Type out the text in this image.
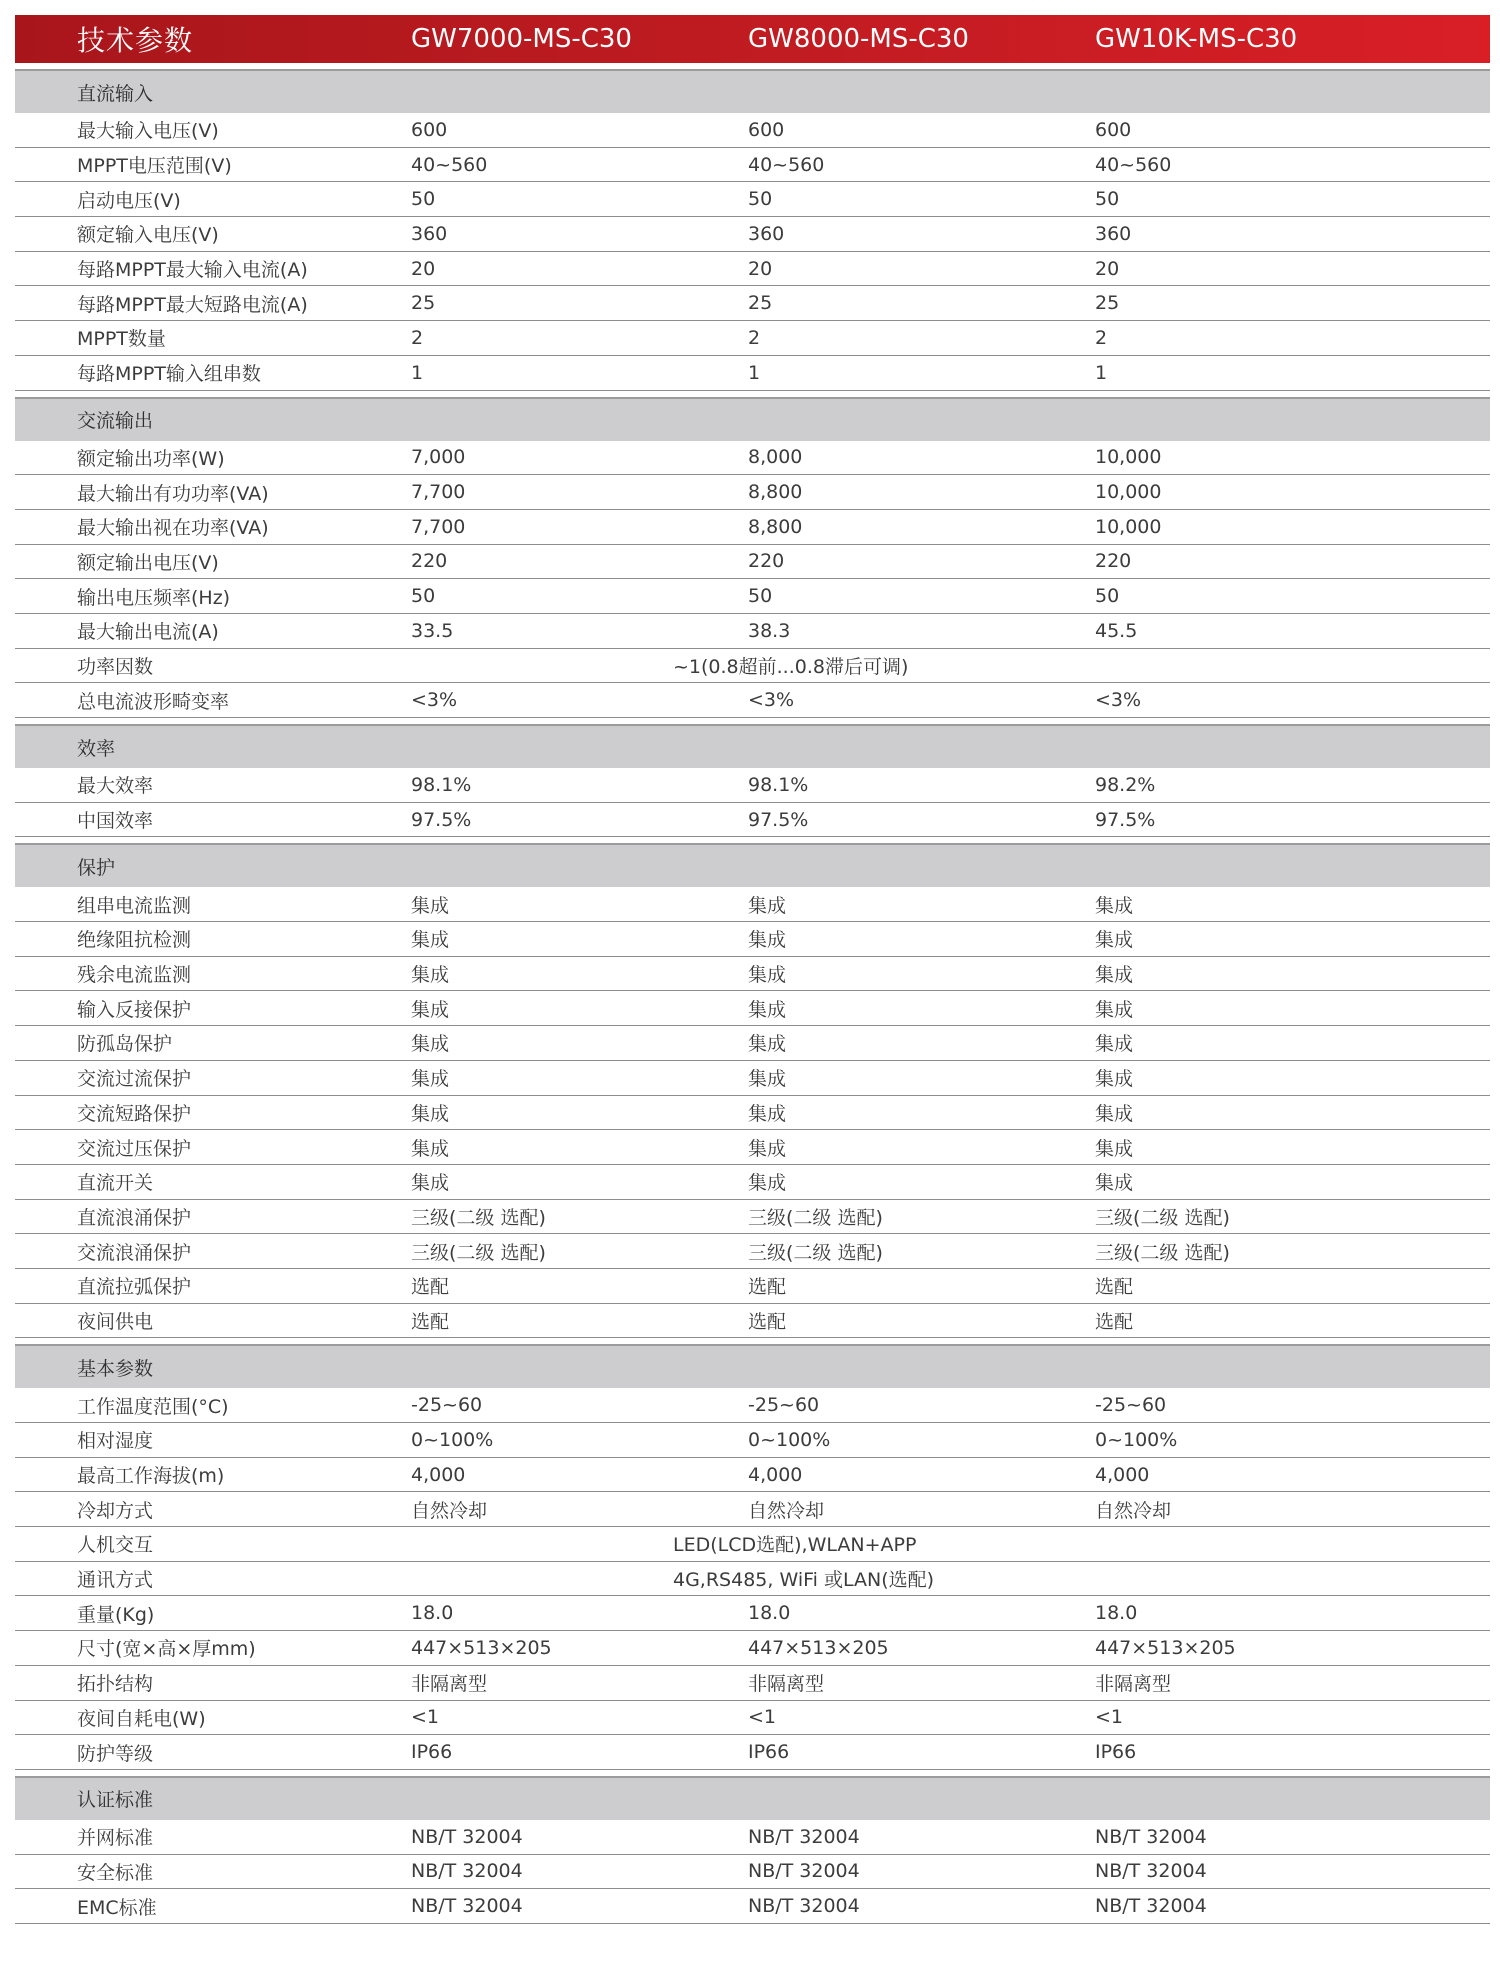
技术参数	GW7000-MS-C30	GW8000-MS-C30	GW10K-MS-C30
直流输入
最大输入电压(V)	600	600	600
MPPT电压范围(V)	40~560	40~560	40~560
启动电压(V)	50	50	50
额定输入电压(V)	360	360	360
每路MPPT最大输入电流(A)	20	20	20
每路MPPT最大短路电流(A)	25	25	25
MPPT数量	2	2	2
每路MPPT输入组串数	1	1	1
交流输出
额定输出功率(W)	7,000	8,000	10,000
最大输出有功功率(VA)	7,700	8,800	10,000
最大输出视在功率(VA)	7,700	8,800	10,000
额定输出电压(V)	220	220	220
输出电压频率(Hz)	50	50	50
最大输出电流(A)	33.5	38.3	45.5
功率因数	~1(0.8超前...0.8滞后可调)
总电流波形畸变率	<3%	<3%	<3%
效率
最大效率	98.1%	98.1%	98.2%
中国效率	97.5%	97.5%	97.5%
保护
组串电流监测	集成	集成	集成
绝缘阻抗检测	集成	集成	集成
残余电流监测	集成	集成	集成
输入反接保护	集成	集成	集成
防孤岛保护	集成	集成	集成
交流过流保护	集成	集成	集成
交流短路保护	集成	集成	集成
交流过压保护	集成	集成	集成
直流开关	集成	集成	集成
直流浪涌保护	三级(二级 选配)	三级(二级 选配)	三级(二级 选配)
交流浪涌保护	三级(二级 选配)	三级(二级 选配)	三级(二级 选配)
直流拉弧保护	选配	选配	选配
夜间供电	选配	选配	选配
基本参数
工作温度范围(°C)	-25~60	-25~60	-25~60
相对湿度	0~100%	0~100%	0~100%
最高工作海拔(m)	4,000	4,000	4,000
冷却方式	自然冷却	自然冷却	自然冷却
人机交互	LED(LCD选配),WLAN+APP
通讯方式	4G,RS485, WiFi 或LAN(选配)
重量(Kg)	18.0	18.0	18.0
尺寸(宽×高×厚mm)	447×513×205	447×513×205	447×513×205
拓扑结构	非隔离型	非隔离型	非隔离型
夜间自耗电(W)	<1	<1	<1
防护等级	IP66	IP66	IP66
认证标准
并网标准	NB/T 32004	NB/T 32004	NB/T 32004
安全标准	NB/T 32004	NB/T 32004	NB/T 32004
EMC标准	NB/T 32004	NB/T 32004	NB/T 32004
